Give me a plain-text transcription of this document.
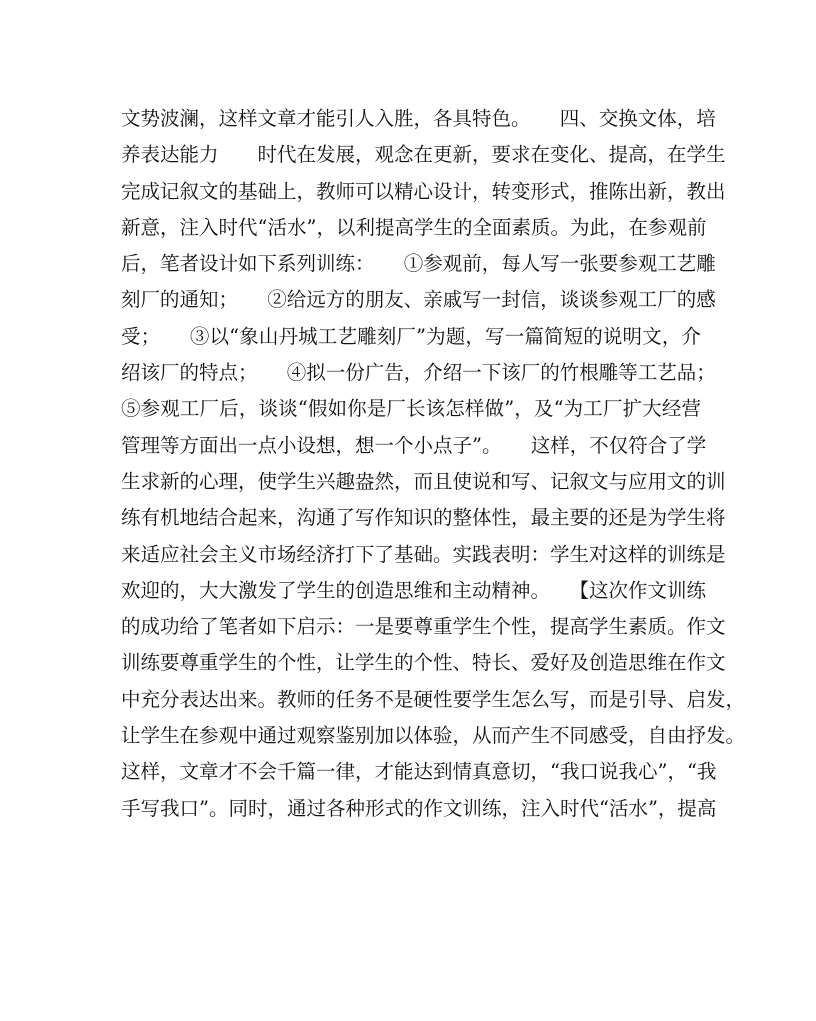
文势波澜，这样文章才能引人入胜，各具特色。　　四、交换文体，培
养表达能力　　时代在发展，观念在更新，要求在变化、提高，在学生
完成记叙文的基础上，教师可以精心设计，转变形式，推陈出新，教出
新意，注入时代“活水”，以利提高学生的全面素质。为此，在参观前
后，笔者设计如下系列训练：　　①参观前，每人写一张要参观工艺雕
刻厂的通知；　　②给远方的朋友、亲戚写一封信，谈谈参观工厂的感
受；　　③以“象山丹城工艺雕刻厂”为题，写一篇简短的说明文，介
绍该厂的特点；　　④拟一份广告，介绍一下该厂的竹根雕等工艺品；
⑤参观工厂后，谈谈“假如你是厂长该怎样做”，及“为工厂扩大经营
管理等方面出一点小设想，想一个小点子”。　　这样，不仅符合了学
生求新的心理，使学生兴趣盎然，而且使说和写、记叙文与应用文的训
练有机地结合起来，沟通了写作知识的整体性，最主要的还是为学生将
来适应社会主义市场经济打下了基础。实践表明：学生对这样的训练是
欢迎的，大大激发了学生的创造思维和主动精神。　　【这次作文训练
的成功给了笔者如下启示：一是要尊重学生个性，提高学生素质。作文
训练要尊重学生的个性，让学生的个性、特长、爱好及创造思维在作文
中充分表达出来。教师的任务不是硬性要学生怎么写，而是引导、启发，
让学生在参观中通过观察鉴别加以体验，从而产生不同感受，自由抒发。
这样，文章才不会千篇一律，才能达到情真意切，“我口说我心”，“我
手写我口”。同时，通过各种形式的作文训练，注入时代“活水”，提高
